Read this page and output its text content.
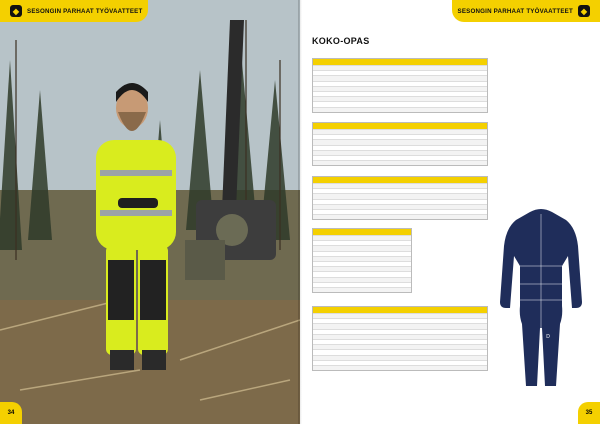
◆	SESONGIN PARHAAT TYÖVAATTEET
34
SESONGIN PARHAAT TYÖVAATTEET ◆
KOKO-OPAS
A
B
C
D
35
